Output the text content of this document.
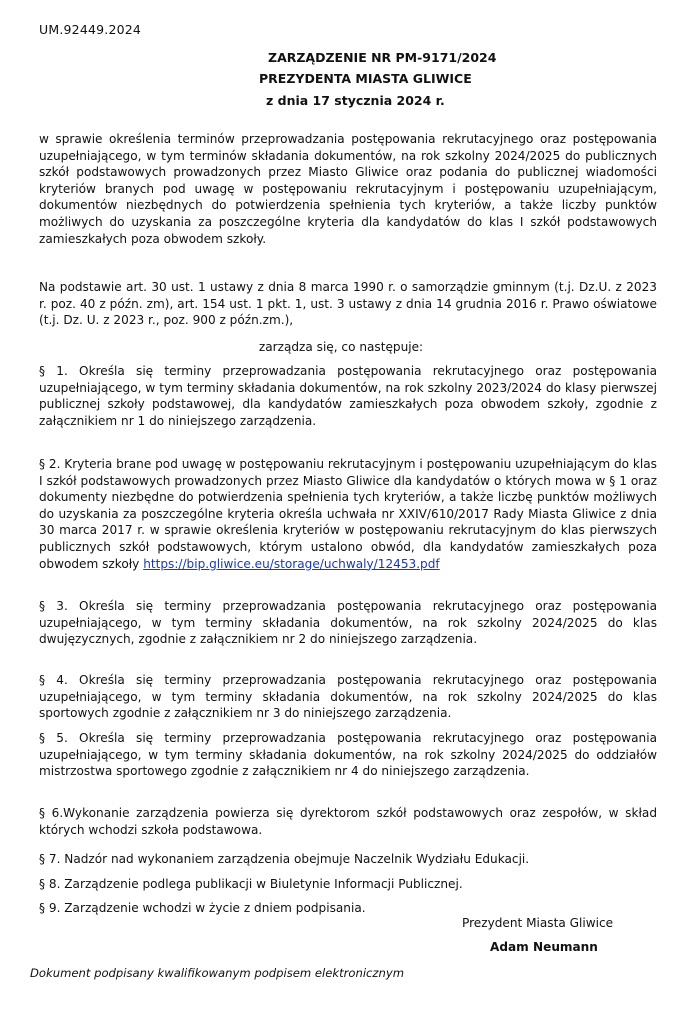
UM.92449.2024
ZARZĄDZENIE NR PM-9171/2024
PREZYDENTA MIASTA GLIWICE
z dnia 17 stycznia 2024 r.

w sprawie określenia terminów przeprowadzania postępowania rekrutacyjnego oraz postępowania uzupełniającego, w tym terminów składania dokumentów, na rok szkolny 2024/2025 do publicznych szkół podstawowych prowadzonych przez Miasto Gliwice oraz podania do publicznej wiadomości kryteriów branych pod uwagę w postępowaniu rekrutacyjnym i postępowaniu uzupełniającym, dokumentów niezbędnych do potwierdzenia spełnienia tych kryteriów, a także liczby punktów możliwych do uzyskania za poszczególne kryteria dla kandydatów do klas I szkół podstawowych zamieszkałych poza obwodem szkoły.

Na podstawie art. 30 ust. 1 ustawy z dnia 8 marca 1990 r. o samorządzie gminnym (t.j. Dz.U. z 2023 r. poz. 40 z późn. zm), art. 154 ust. 1 pkt. 1, ust. 3 ustawy z dnia 14 grudnia 2016 r. Prawo oświatowe (t.j. Dz. U. z 2023 r., poz. 900 z późn.zm.),

zarządza się, co następuje:

§ 1. Określa się terminy przeprowadzania postępowania rekrutacyjnego oraz postępowania uzupełniającego, w tym terminy składania dokumentów, na rok szkolny 2023/2024 do klasy pierwszej publicznej szkoły podstawowej, dla kandydatów zamieszkałych poza obwodem szkoły, zgodnie z załącznikiem nr 1 do niniejszego zarządzenia.

§ 2. Kryteria brane pod uwagę w postępowaniu rekrutacyjnym i postępowaniu uzupełniającym do klas I szkół podstawowych prowadzonych przez Miasto Gliwice dla kandydatów o których mowa w § 1 oraz dokumenty niezbędne do potwierdzenia spełnienia tych kryteriów, a także liczbę punktów możliwych do uzyskania za poszczególne kryteria określa uchwała nr XXIV/610/2017 Rady Miasta Gliwice z dnia 30 marca 2017 r. w sprawie określenia kryteriów w postępowaniu rekrutacyjnym do klas pierwszych publicznych szkół podstawowych, którym ustalono obwód, dla kandydatów zamieszkałych poza obwodem szkoły https://bip.gliwice.eu/storage/uchwaly/12453.pdf

§ 3. Określa się terminy przeprowadzania postępowania rekrutacyjnego oraz postępowania uzupełniającego, w tym terminy składania dokumentów, na rok szkolny 2024/2025 do klas dwujęzycznych, zgodnie z załącznikiem nr 2 do niniejszego zarządzenia.

§ 4. Określa się terminy przeprowadzania postępowania rekrutacyjnego oraz postępowania uzupełniającego, w tym terminy składania dokumentów, na rok szkolny 2024/2025 do klas sportowych zgodnie z załącznikiem nr 3 do niniejszego zarządzenia.

§ 5. Określa się terminy przeprowadzania postępowania rekrutacyjnego oraz postępowania uzupełniającego, w tym terminy składania dokumentów, na rok szkolny 2024/2025 do oddziałów mistrzostwa sportowego zgodnie z załącznikiem nr 4 do niniejszego zarządzenia.

§ 6.Wykonanie zarządzenia powierza się dyrektorom szkół podstawowych oraz zespołów, w skład których wchodzi szkoła podstawowa.

§ 7. Nadzór nad wykonaniem zarządzenia obejmuje Naczelnik Wydziału Edukacji.

§ 8. Zarządzenie podlega publikacji w Biuletynie Informacji Publicznej.

§ 9. Zarządzenie wchodzi w życie z dniem podpisania.

Prezydent Miasta Gliwice
Adam Neumann
Dokument podpisany kwalifikowanym podpisem elektronicznym
